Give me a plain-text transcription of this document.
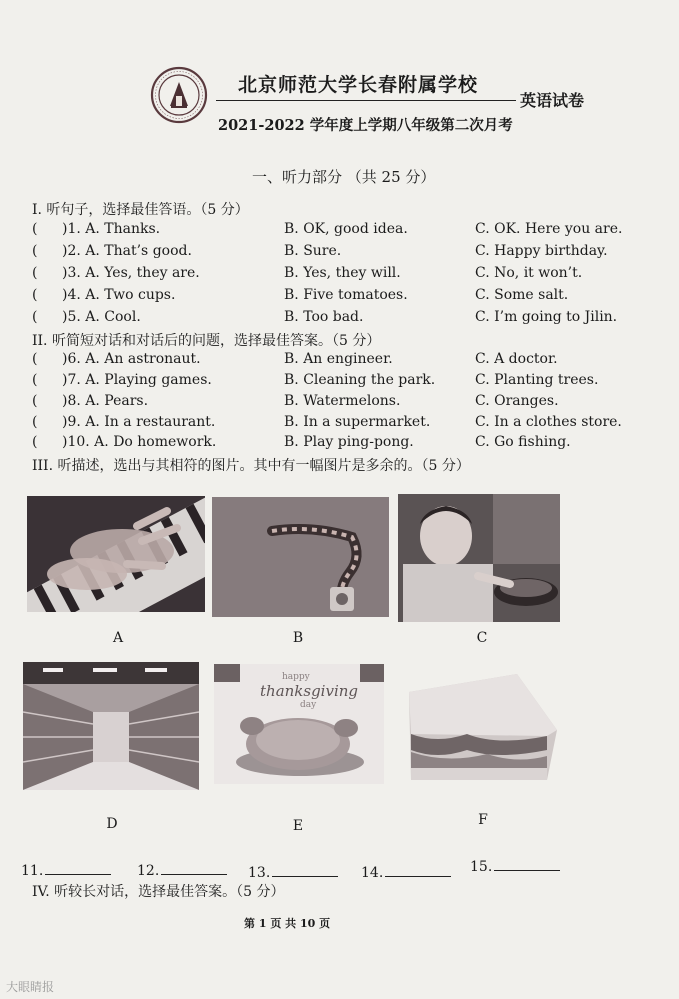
北京师范大学长春附属学校
英语试卷
2021-2022 学年度上学期八年级第二次月考
一、听力部分 （共 25 分）
I. 听句子，选择最佳答语。（5 分）
( )1. A. Thanks.	B. OK, good idea.	C. OK. Here you are.
( )2. A. That’s good.	B. Sure.	C. Happy birthday.
( )3. A. Yes, they are.	B. Yes, they will.	C. No, it won’t.
( )4. A. Two cups.	B. Five tomatoes.	C. Some salt.
( )5. A. Cool.	B. Too bad.	C. I’m going to Jilin.
II. 听简短对话和对话后的问题，选择最佳答案。（5 分）
( )6. A. An astronaut.	B. An engineer.	C. A doctor.
( )7. A. Playing games.	B. Cleaning the park.	C. Planting trees.
( )8. A. Pears.	B. Watermelons.	C. Oranges.
( )9. A. In a restaurant.	B. In a supermarket.	C. In a clothes store.
( )10. A. Do homework.	B. Play ping-pong.	C. Go fishing.
III. 听描述，选出与其相符的图片。其中有一幅图片是多余的。（5 分）
A	B	C
D
happy
thanksgiving
day
E	F
11.	12.	13.	14.	15.
IV. 听较长对话，选择最佳答案。（5 分）
第 1 页 共 10 页
大眼睛报
